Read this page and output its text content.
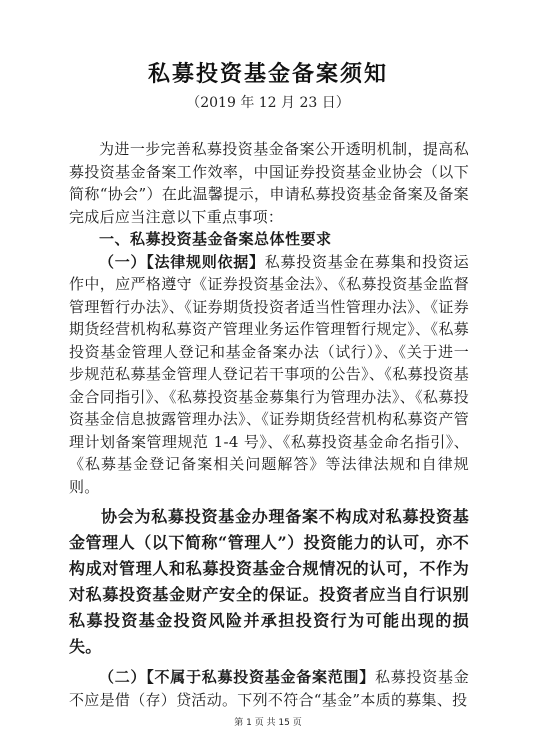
私募投资基金备案须知
（2019 年 12 月 23 日）

为进一步完善私募投资基金备案公开透明机制，提高私募投资基金备案工作效率，中国证券投资基金业协会（以下简称“协会”）在此温馨提示，申请私募投资基金备案及备案完成后应当注意以下重点事项：

一、私募投资基金备案总体性要求

（一）【法律规则依据】私募投资基金在募集和投资运作中，应严格遵守《证券投资基金法》、《私募投资基金监督管理暂行办法》、《证券期货投资者适当性管理办法》、《证券期货经营机构私募资产管理业务运作管理暂行规定》、《私募投资基金管理人登记和基金备案办法（试行）》、《关于进一步规范私募基金管理人登记若干事项的公告》、《私募投资基金合同指引》、《私募投资基金募集行为管理办法》、《私募投资基金信息披露管理办法》、《证券期货经营机构私募资产管理计划备案管理规范 1-4 号》、《私募投资基金命名指引》、《私募基金登记备案相关问题解答》等法律法规和自律规则。

协会为私募投资基金办理备案不构成对私募投资基金管理人（以下简称“管理人”）投资能力的认可，亦不构成对管理人和私募投资基金合规情况的认可，不作为对私募投资基金财产安全的保证。投资者应当自行识别私募投资基金投资风险并承担投资行为可能出现的损失。

（二）【不属于私募投资基金备案范围】私募投资基金不应是借（存）贷活动。下列不符合“基金”本质的募集、投

第 1 页 共 15 页
